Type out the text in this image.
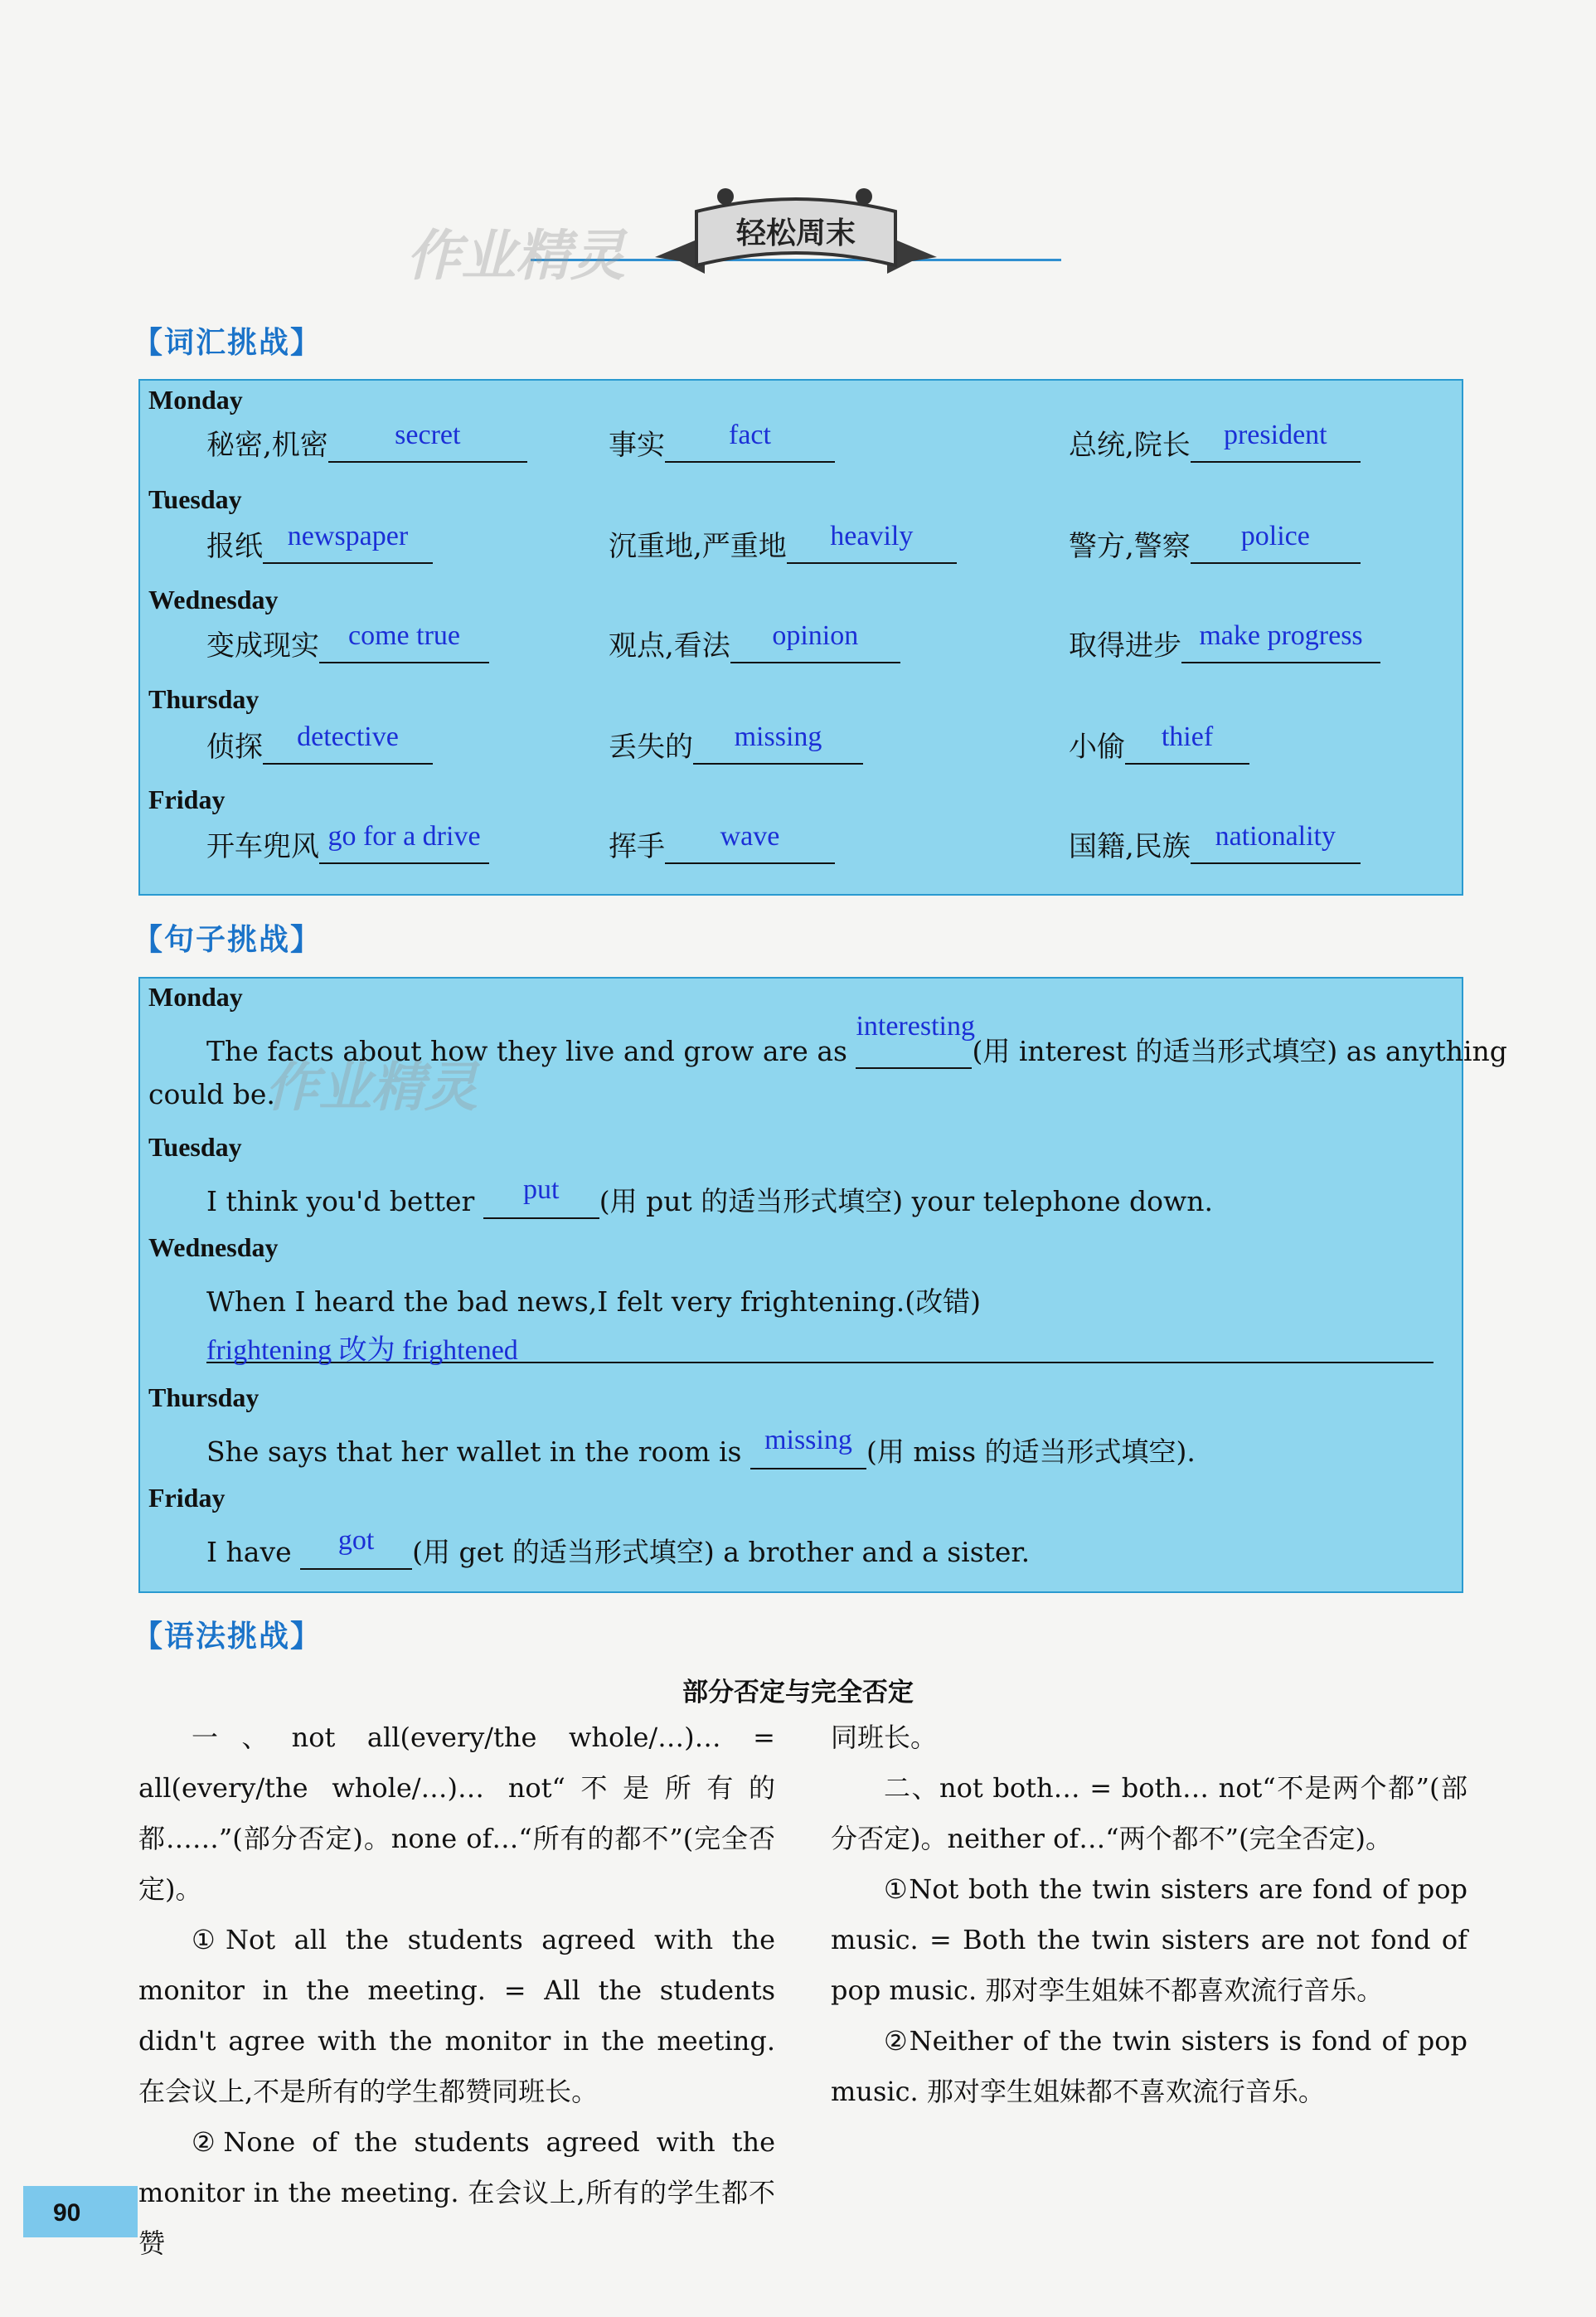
轻松周末
作业精灵
【词汇挑战】
Monday
秘密,机密	secret	事实	fact	总统,院长	president
Tuesday
报纸 newspaper	沉重地,严重地	heavily	警方,警察	police
Wednesday
变成现实	come true	观点,看法	opinion	取得进步 make progress
Thursday
侦探	detective	丢失的	missing	小偷	thief
Friday
开车兜风 go for a drive	挥手	wave	国籍,民族 nationality
【句子挑战】
Monday
The facts about how they live and grow are as
interesting
(用 interest 的适当形式填空) as anything
could be.
Tuesday
I think you'd better	put	(用 put 的适当形式填空) your telephone down.
Wednesday
When I heard the bad news,I felt very frightening.(改错)
frightening 改为 frightened
Thursday
She says that her wallet in the room is missing (用 miss 的适当形式填空).
Friday
I have	got	(用 get 的适当形式填空) a brother and a sister.
作业精灵
【语法挑战】
部分否定与完全否定

一、not all(every/the whole/…)… = all(every/the whole/…)… not“不是所有的都……”(部分否定)。none of…“所有的都不”(完全否定)。

①Not all the students agreed with the monitor in the meeting. = All the students didn't agree with the monitor in the meeting. 在会议上,不是所有的学生都赞同班长。

②None of the students agreed with the monitor in the meeting. 在会议上,所有的学生都不赞

同班长。

二、not both… = both… not“不是两个都”(部分否定)。neither of…“两个都不”(完全否定)。

①Not both the twin sisters are fond of pop music. = Both the twin sisters are not fond of pop music. 那对孪生姐妹不都喜欢流行音乐。

②Neither of the twin sisters is fond of pop music. 那对孪生姐妹都不喜欢流行音乐。

90
